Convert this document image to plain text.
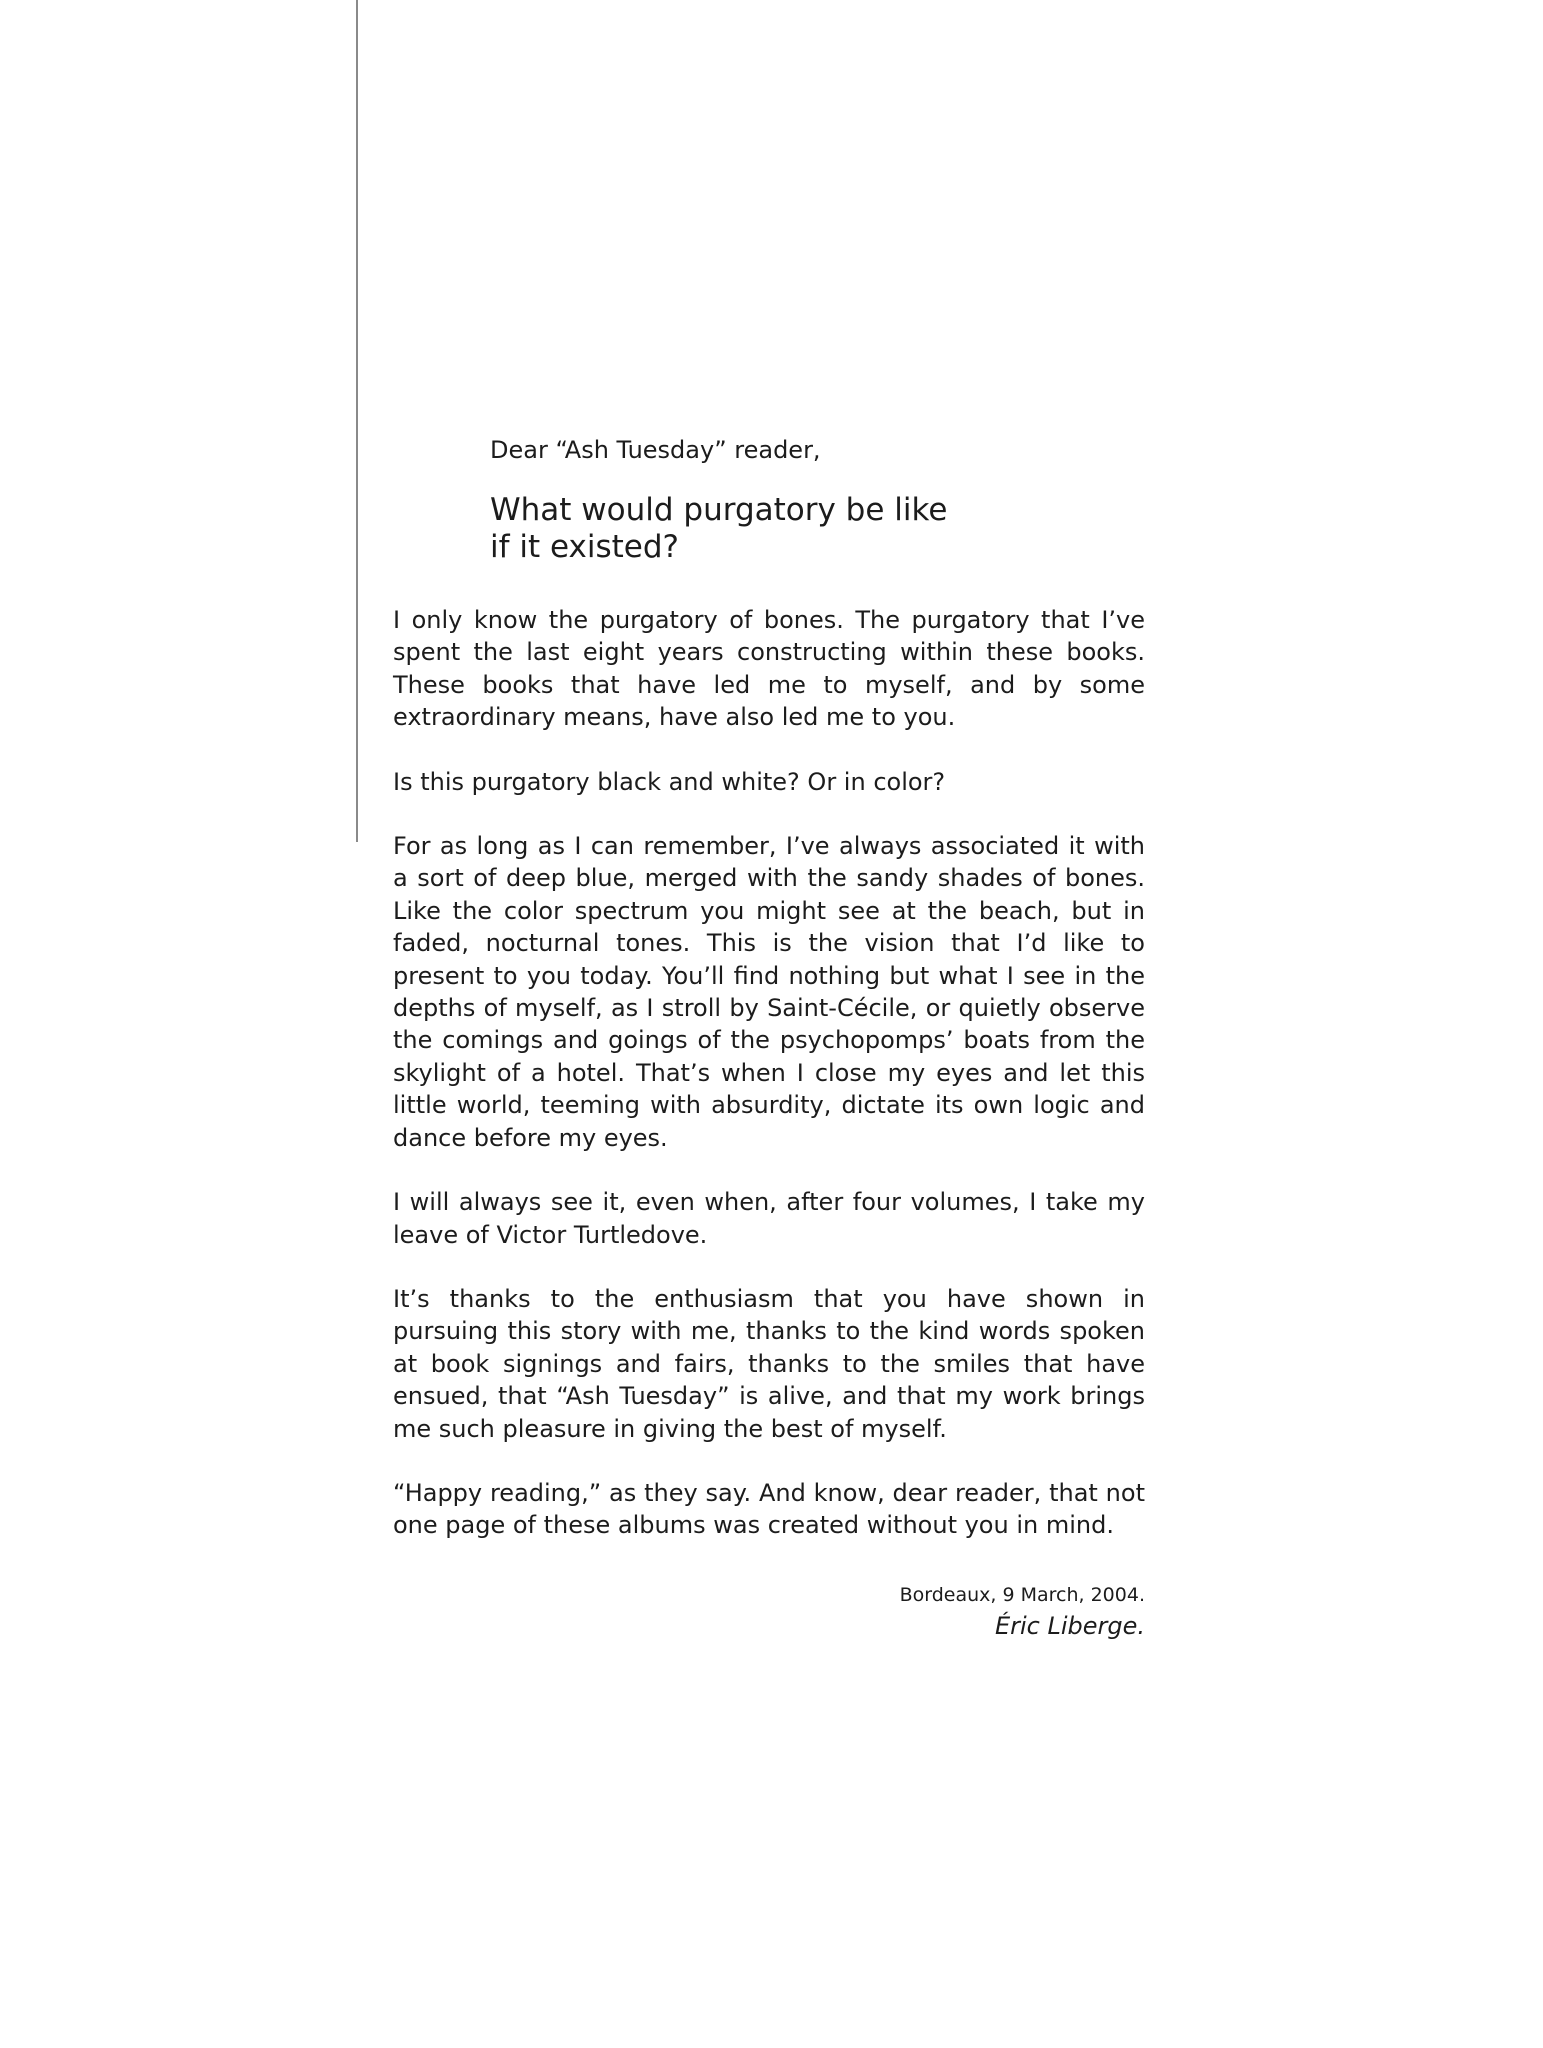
Dear “Ash Tuesday” reader,

What would purgatory be like
if it existed?

I only know the purgatory of bones. The purgatory that I’ve spent the last eight years constructing within these books. These books that have led me to myself, and by some extraordinary means, have also led me to you.

Is this purgatory black and white? Or in color?

For as long as I can remember, I’ve always associated it with a sort of deep blue, merged with the sandy shades of bones. Like the color spectrum you might see at the beach, but in faded, nocturnal tones. This is the vision that I’d like to present to you today. You’ll find nothing but what I see in the depths of myself, as I stroll by Saint-Cécile, or quietly observe the comings and goings of the psychopomps’ boats from the skylight of a hotel. That’s when I close my eyes and let this little world, teeming with absurdity, dictate its own logic and dance before my eyes.

I will always see it, even when, after four volumes, I take my leave of Victor Turtledove.

It’s thanks to the enthusiasm that you have shown in pursuing this story with me, thanks to the kind words spoken at book signings and fairs, thanks to the smiles that have ensued, that “Ash Tuesday” is alive, and that my work brings me such pleasure in giving the best of myself.

“Happy reading,” as they say. And know, dear reader, that not one page of these albums was created without you in mind.

Bordeaux, 9 March, 2004.
Éric Liberge.
